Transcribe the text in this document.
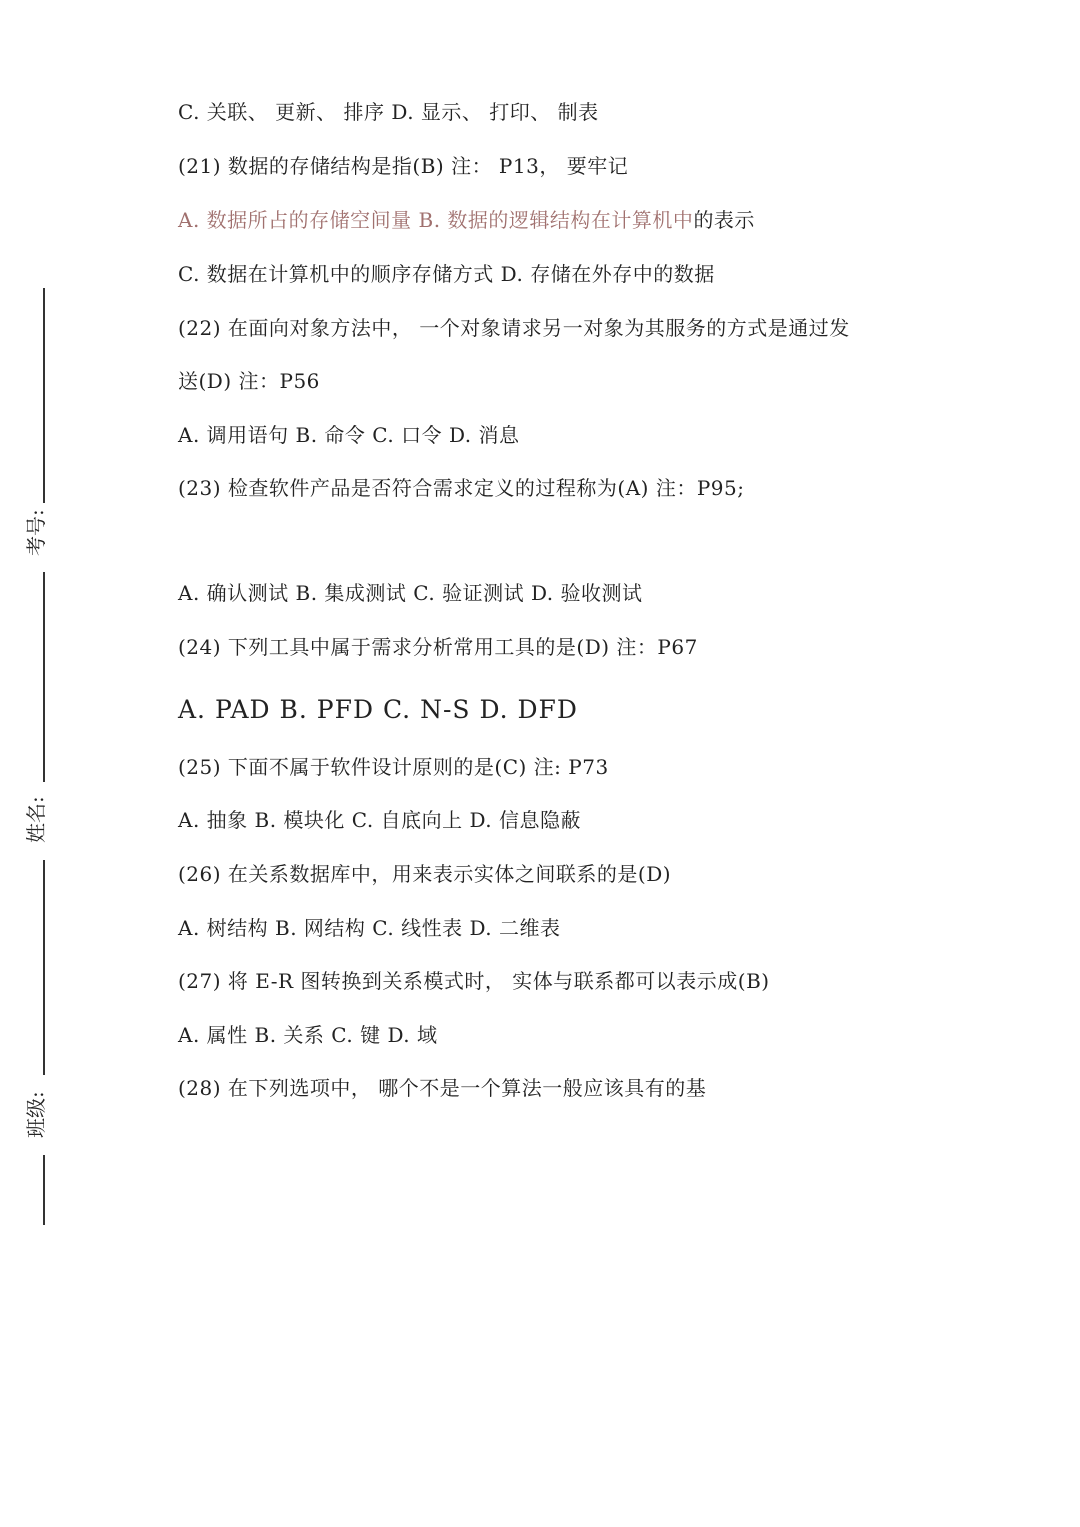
考号:
姓名:
班级:
C. 关联、 更新、 排序 D. 显示、 打印、 制表
(21) 数据的存储结构是指(B) 注： P13， 要牢记
A. 数据所占的存储空间量 B. 数据的逻辑结构在计算机中的表示
C. 数据在计算机中的顺序存储方式 D. 存储在外存中的数据
(22) 在面向对象方法中， 一个对象请求另一对象为其服务的方式是通过发
送(D) 注：P56
A. 调用语句 B. 命令 C. 口令 D. 消息
(23) 检查软件产品是否符合需求定义的过程称为(A) 注：P95;
A. 确认测试 B. 集成测试 C. 验证测试 D. 验收测试
(24) 下列工具中属于需求分析常用工具的是(D) 注：P67
A. PAD B. PFD C. N-S D. DFD
(25) 下面不属于软件设计原则的是(C) 注: P73
A. 抽象 B. 模块化 C. 自底向上 D. 信息隐蔽
(26) 在关系数据库中，用来表示实体之间联系的是(D)
A. 树结构 B. 网结构 C. 线性表 D. 二维表
(27) 将 E-R 图转换到关系模式时， 实体与联系都可以表示成(B)
A. 属性 B. 关系 C. 键 D. 域
(28) 在下列选项中， 哪个不是一个算法一般应该具有的基
